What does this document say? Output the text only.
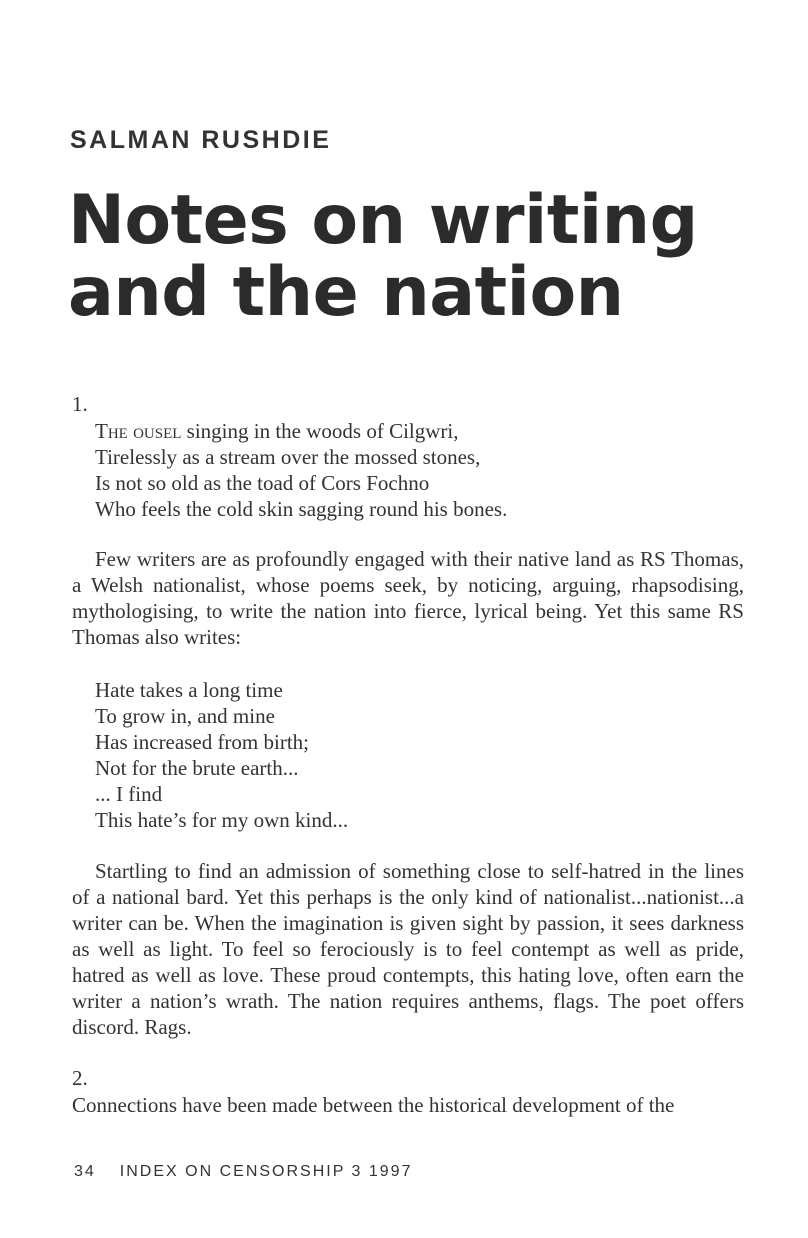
SALMAN RUSHDIE
Notes on writing
and the nation

1.

The ousel singing in the woods of Cilgwri,
Tirelessly as a stream over the mossed stones,
Is not so old as the toad of Cors Fochno
Who feels the cold skin sagging round his bones.

Few writers are as profoundly engaged with their native land as RS Thomas, a Welsh nationalist, whose poems seek, by noticing, arguing, rhapsodising, mythologising, to write the nation into fierce, lyrical being. Yet this same RS Thomas also writes:

Hate takes a long time
To grow in, and mine
Has increased from birth;
Not for the brute earth...
... I find
This hate’s for my own kind...

Startling to find an admission of something close to self-hatred in the lines of a national bard. Yet this perhaps is the only kind of nationalist...nationist...a writer can be. When the imagination is given sight by passion, it sees darkness as well as light. To feel so ferociously is to feel contempt as well as pride, hatred as well as love. These proud contempts, this hating love, often earn the writer a nation’s wrath. The nation requires anthems, flags. The poet offers discord. Rags.

2.

Connections have been made between the historical development of the

34 INDEX ON CENSORSHIP 3 1997
